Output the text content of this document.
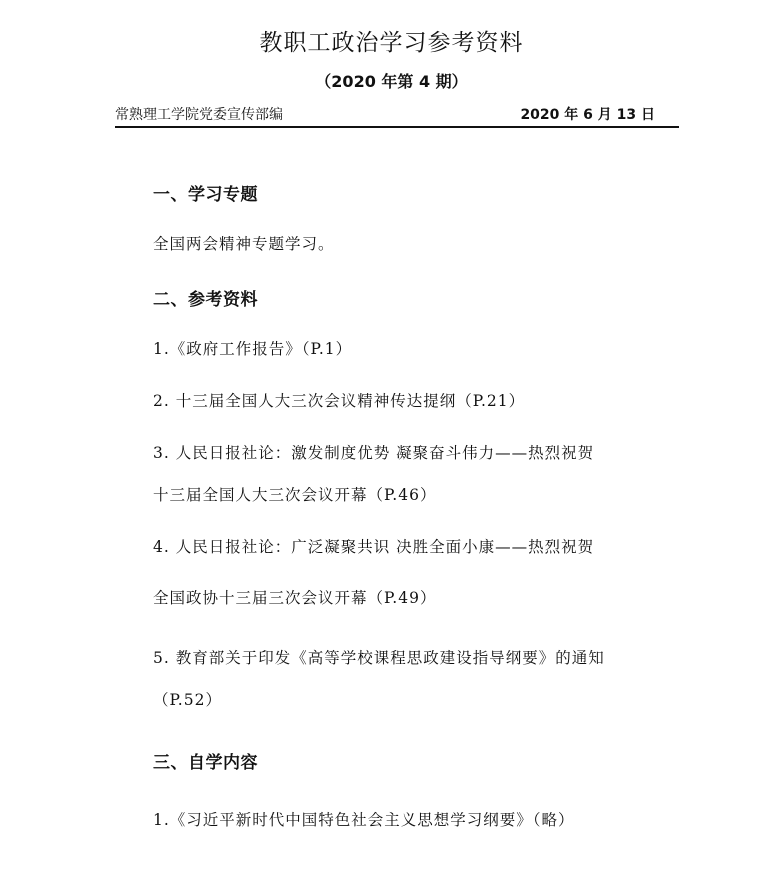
教职工政治学习参考资料
（2020 年第 4 期）
常熟理工学院党委宣传部编	2020 年 6 月 13 日
一、学习专题
全国两会精神专题学习。
二、参考资料
1.《政府工作报告》（P.1）
2. 十三届全国人大三次会议精神传达提纲（P.21）
3. 人民日报社论：激发制度优势 凝聚奋斗伟力——热烈祝贺
十三届全国人大三次会议开幕（P.46）
4. 人民日报社论：广泛凝聚共识 决胜全面小康——热烈祝贺
全国政协十三届三次会议开幕（P.49）
5. 教育部关于印发《高等学校课程思政建设指导纲要》的通知
（P.52）
三、自学内容
1.《习近平新时代中国特色社会主义思想学习纲要》（略）
